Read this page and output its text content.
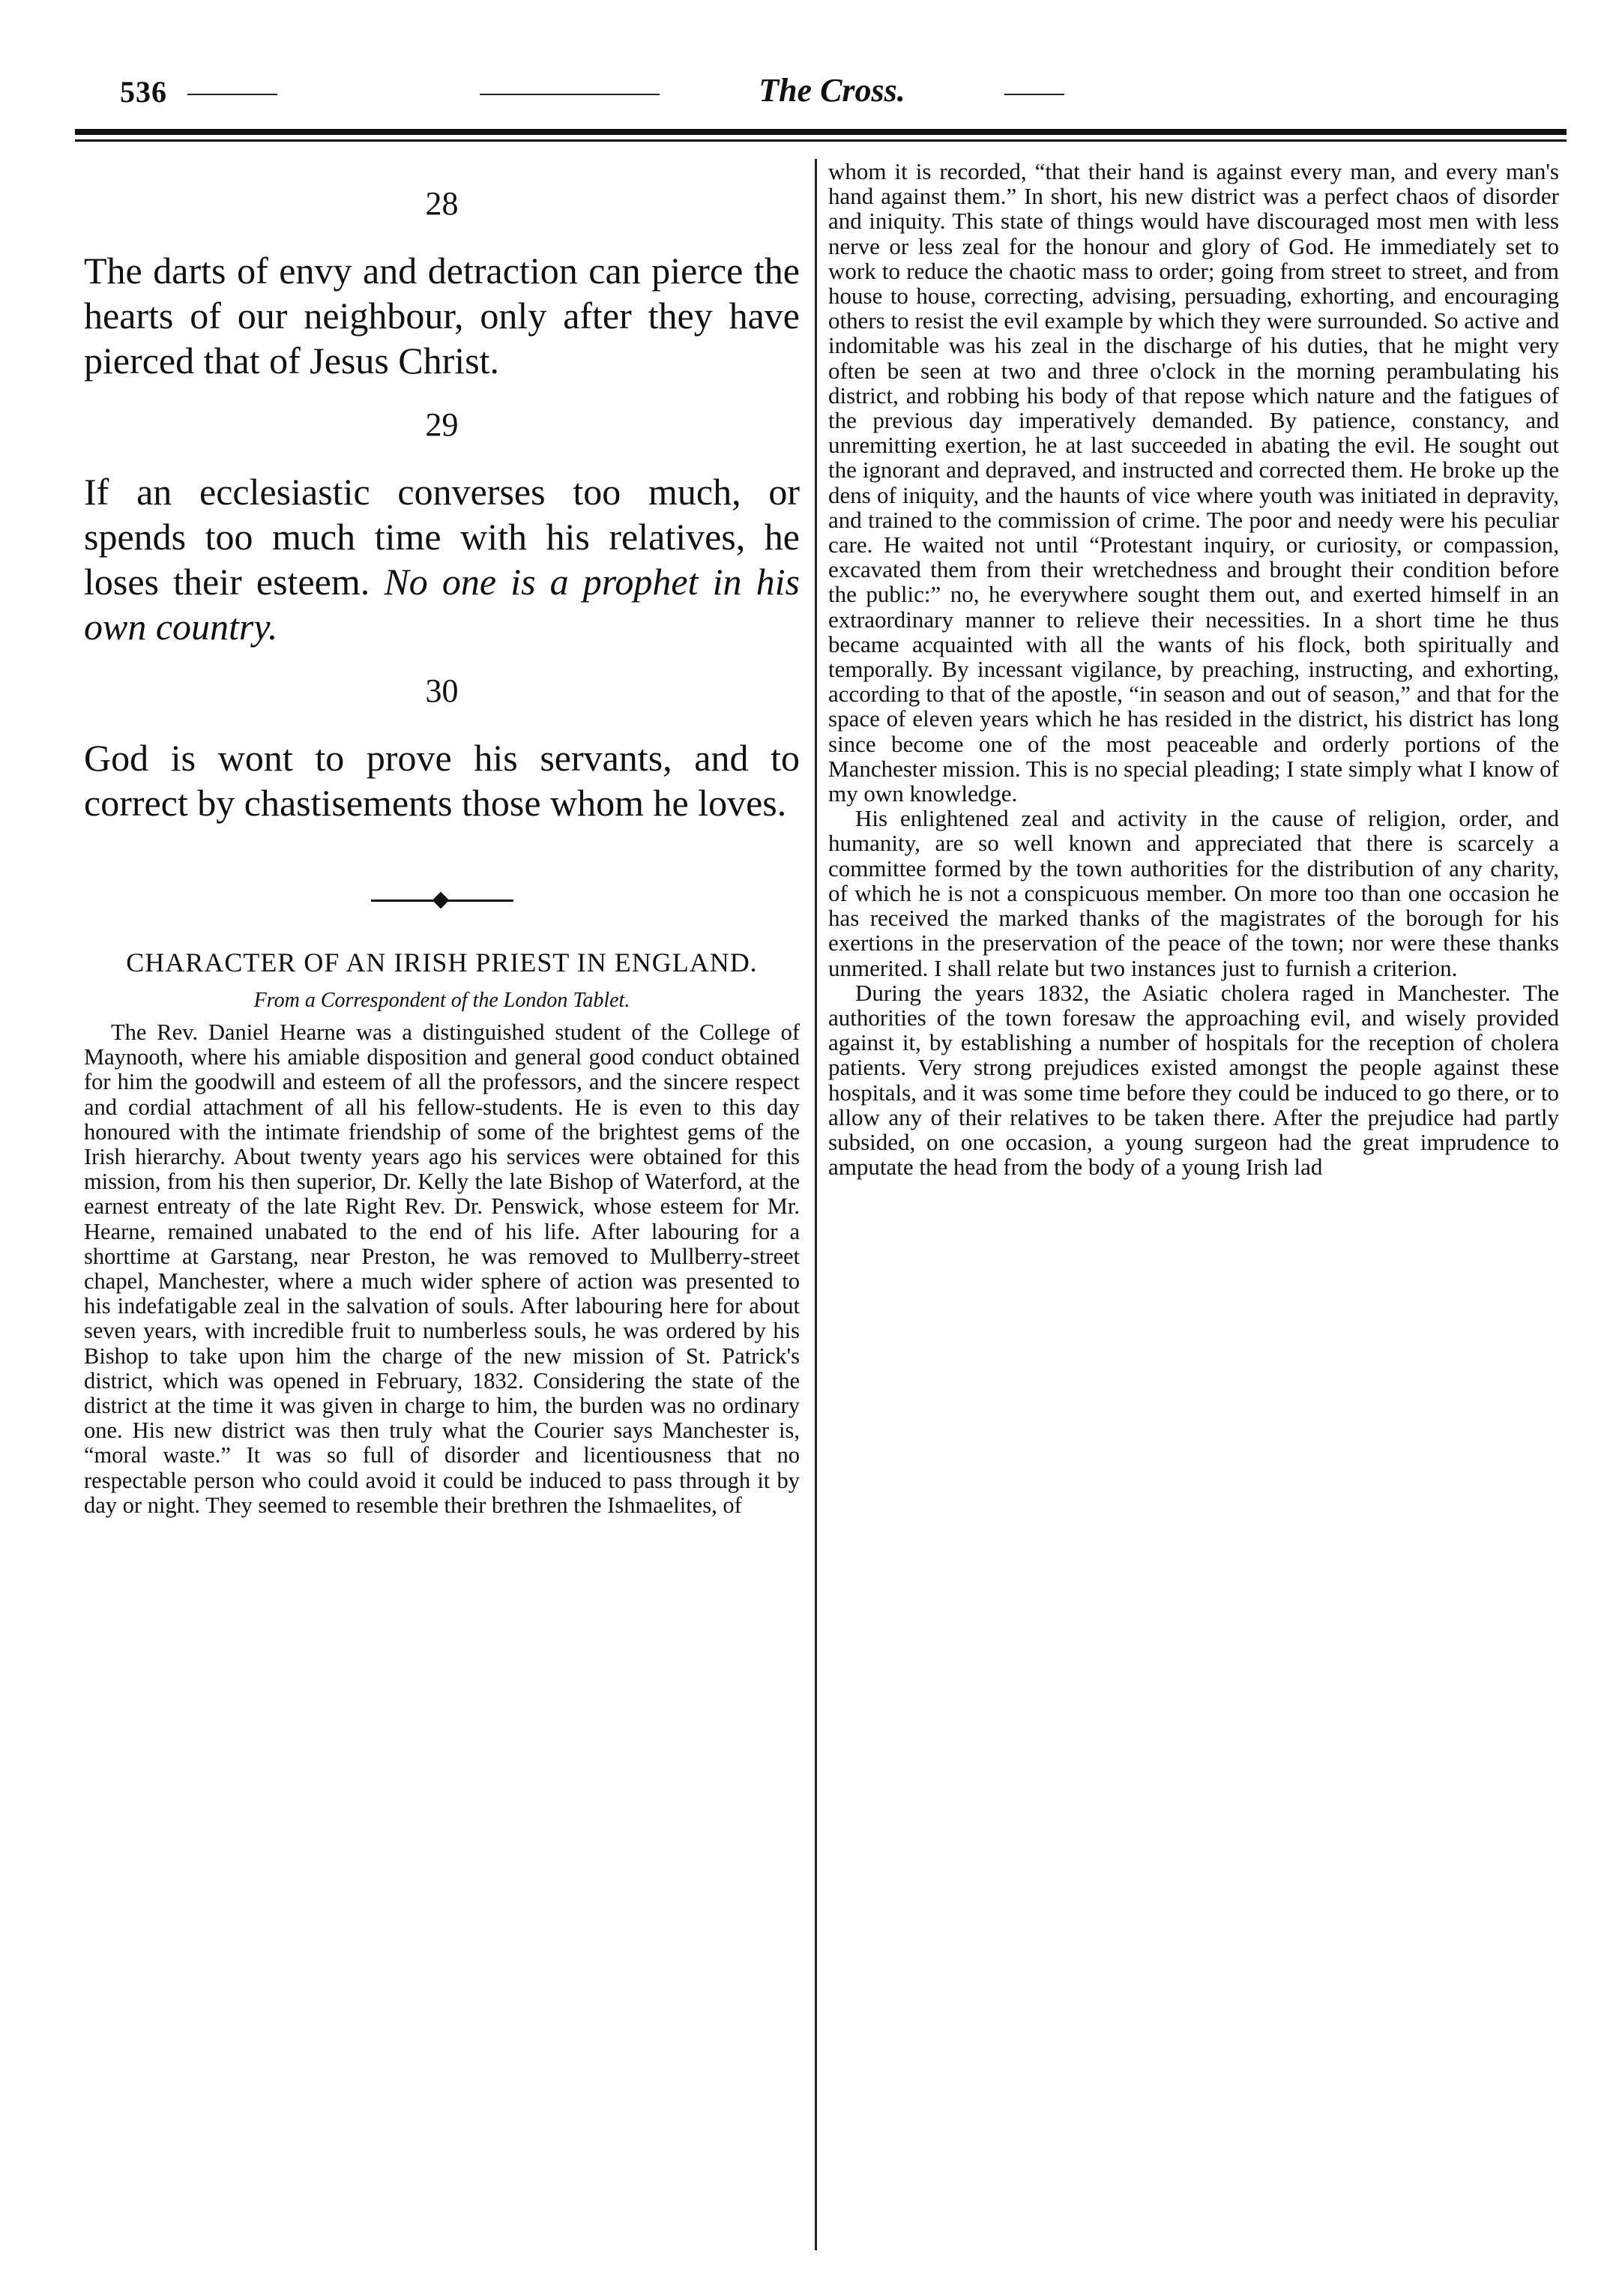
536	The Cross.
28

The darts of envy and detraction can pierce the hearts of our neighbour, only after they have pierced that of Jesus Christ.

29

If an ecclesiastic converses too much, or spends too much time with his relatives, he loses their esteem. No one is a prophet in his own country.

30

God is wont to prove his servants, and to correct by chastisements those whom he loves.

CHARACTER OF AN IRISH PRIEST IN ENGLAND.

From a Correspondent of the London Tablet.

The Rev. Daniel Hearne was a distinguished student of the College of Maynooth, where his amiable disposition and general good conduct obtained for him the goodwill and esteem of all the professors, and the sincere respect and cordial attachment of all his fellow-students. He is even to this day honoured with the intimate friendship of some of the brightest gems of the Irish hierarchy. About twenty years ago his services were obtained for this mission, from his then superior, Dr. Kelly the late Bishop of Waterford, at the earnest entreaty of the late Right Rev. Dr. Penswick, whose esteem for Mr. Hearne, remained unabated to the end of his life. After labouring for a shorttime at Garstang, near Preston, he was removed to Mullberry-street chapel, Manchester, where a much wider sphere of action was presented to his indefatigable zeal in the salvation of souls. After labouring here for about seven years, with incredible fruit to numberless souls, he was ordered by his Bishop to take upon him the charge of the new mission of St. Patrick's district, which was opened in February, 1832. Considering the state of the district at the time it was given in charge to him, the burden was no ordinary one. His new district was then truly what the Courier says Manchester is, “moral waste.” It was so full of disorder and licentiousness that no respectable person who could avoid it could be induced to pass through it by day or night. They seemed to resemble their brethren the Ishmaelites, of

whom it is recorded, “that their hand is against every man, and every man's hand against them.” In short, his new district was a perfect chaos of disorder and iniquity. This state of things would have discouraged most men with less nerve or less zeal for the honour and glory of God. He immediately set to work to reduce the chaotic mass to order; going from street to street, and from house to house, correcting, advising, persuading, exhorting, and encouraging others to resist the evil example by which they were surrounded. So active and indomitable was his zeal in the discharge of his duties, that he might very often be seen at two and three o'clock in the morning perambulating his district, and robbing his body of that repose which nature and the fatigues of the previous day imperatively demanded. By patience, constancy, and unremitting exertion, he at last succeeded in abating the evil. He sought out the ignorant and depraved, and instructed and corrected them. He broke up the dens of iniquity, and the haunts of vice where youth was initiated in depravity, and trained to the commission of crime. The poor and needy were his peculiar care. He waited not until “Protestant inquiry, or curiosity, or compassion, excavated them from their wretchedness and brought their condition before the public:” no, he everywhere sought them out, and exerted himself in an extraordinary manner to relieve their necessities. In a short time he thus became acquainted with all the wants of his flock, both spiritually and temporally. By incessant vigilance, by preaching, instructing, and exhorting, according to that of the apostle, “in season and out of season,” and that for the space of eleven years which he has resided in the district, his district has long since become one of the most peaceable and orderly portions of the Manchester mission. This is no special pleading; I state simply what I know of my own knowledge.

His enlightened zeal and activity in the cause of religion, order, and humanity, are so well known and appreciated that there is scarcely a committee formed by the town authorities for the distribution of any charity, of which he is not a conspicuous member. On more too than one occasion he has received the marked thanks of the magistrates of the borough for his exertions in the preservation of the peace of the town; nor were these thanks unmerited. I shall relate but two instances just to furnish a criterion.

During the years 1832, the Asiatic cholera raged in Manchester. The authorities of the town foresaw the approaching evil, and wisely provided against it, by establishing a number of hospitals for the reception of cholera patients. Very strong prejudices existed amongst the people against these hospitals, and it was some time before they could be induced to go there, or to allow any of their relatives to be taken there. After the prejudice had partly subsided, on one occasion, a young surgeon had the great imprudence to amputate the head from the body of a young Irish lad
